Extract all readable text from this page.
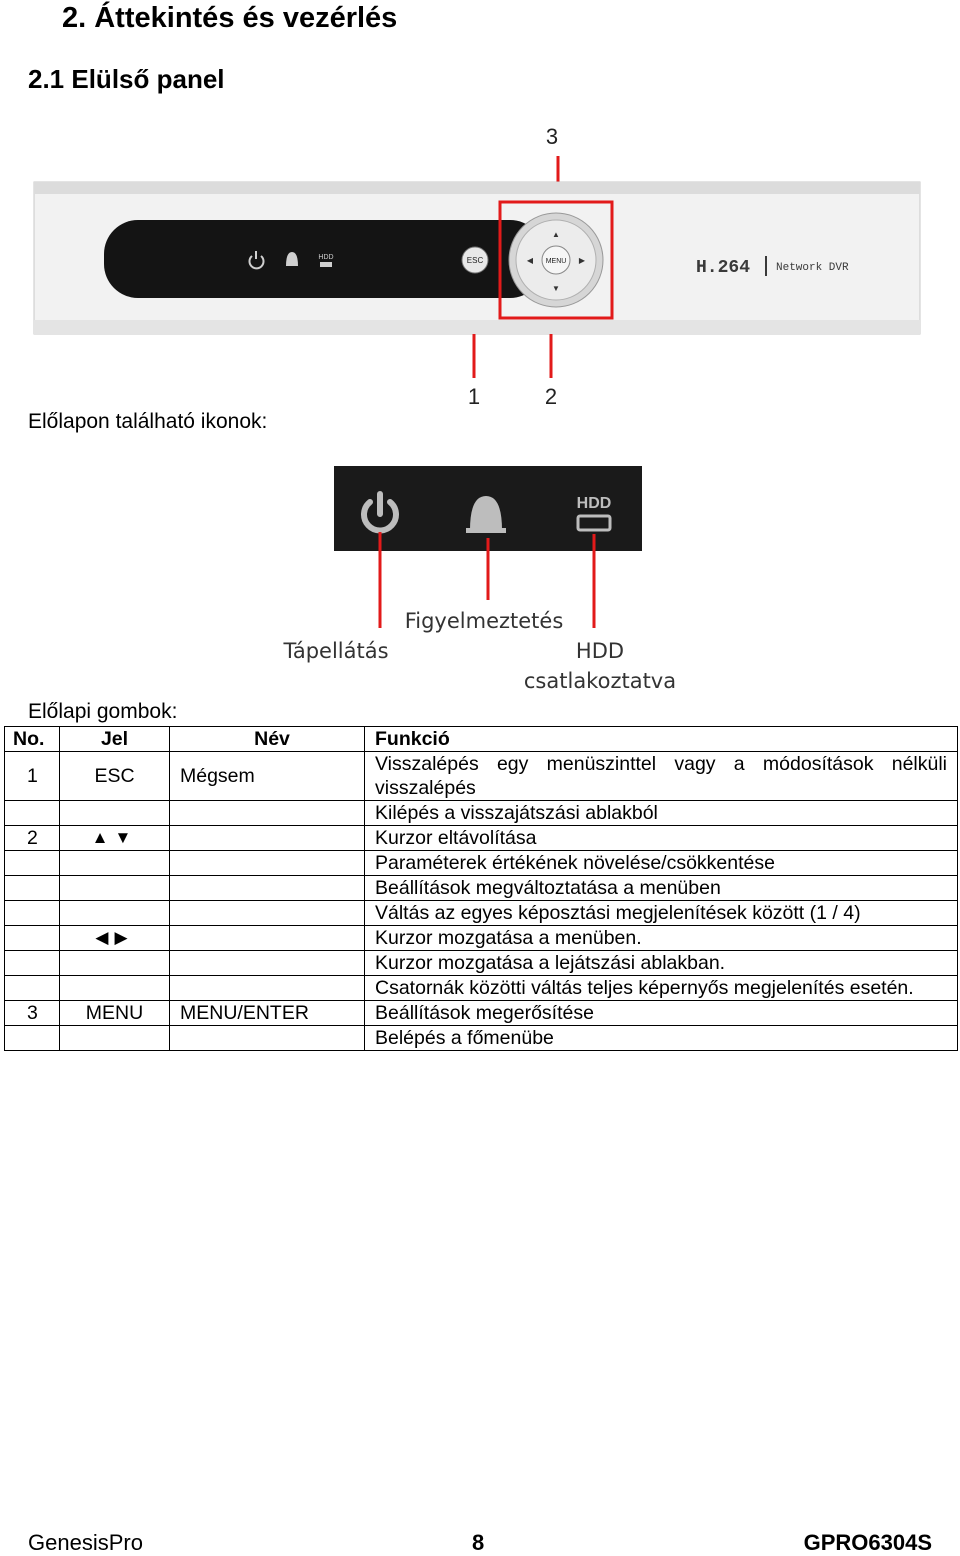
2. Áttekintés és vezérlés
2.1 Elülső panel
3
HDD	ESC	MENU
▲
▼
◀	▶	H.264 Network DVR
1	2
Előlapon található ikonok:
HDD
Tápellátás
Figyelmeztetés
HDD
csatlakoztatva
Előlapi gombok:
No.	Jel	Név	Funkció
1	ESC	Mégsem	Visszalépés egy menüszinttel vagy a módosítások nélküli visszalépés
			Kilépés a visszajátszási ablakból
2	▲▼		Kurzor eltávolítása
			Paraméterek értékének növelése/csökkentése
			Beállítások megváltoztatása a menüben
			Váltás az egyes képosztási megjelenítések között (1 / 4)
	◀▶		Kurzor mozgatása a menüben.
			Kurzor mozgatása a lejátszási ablakban.
			Csatornák közötti váltás teljes képernyős megjelenítés esetén.
3	MENU	MENU/ENTER	Beállítások megerősítése
			Belépés a főmenübe
GenesisPro	8	GPRO6304S
